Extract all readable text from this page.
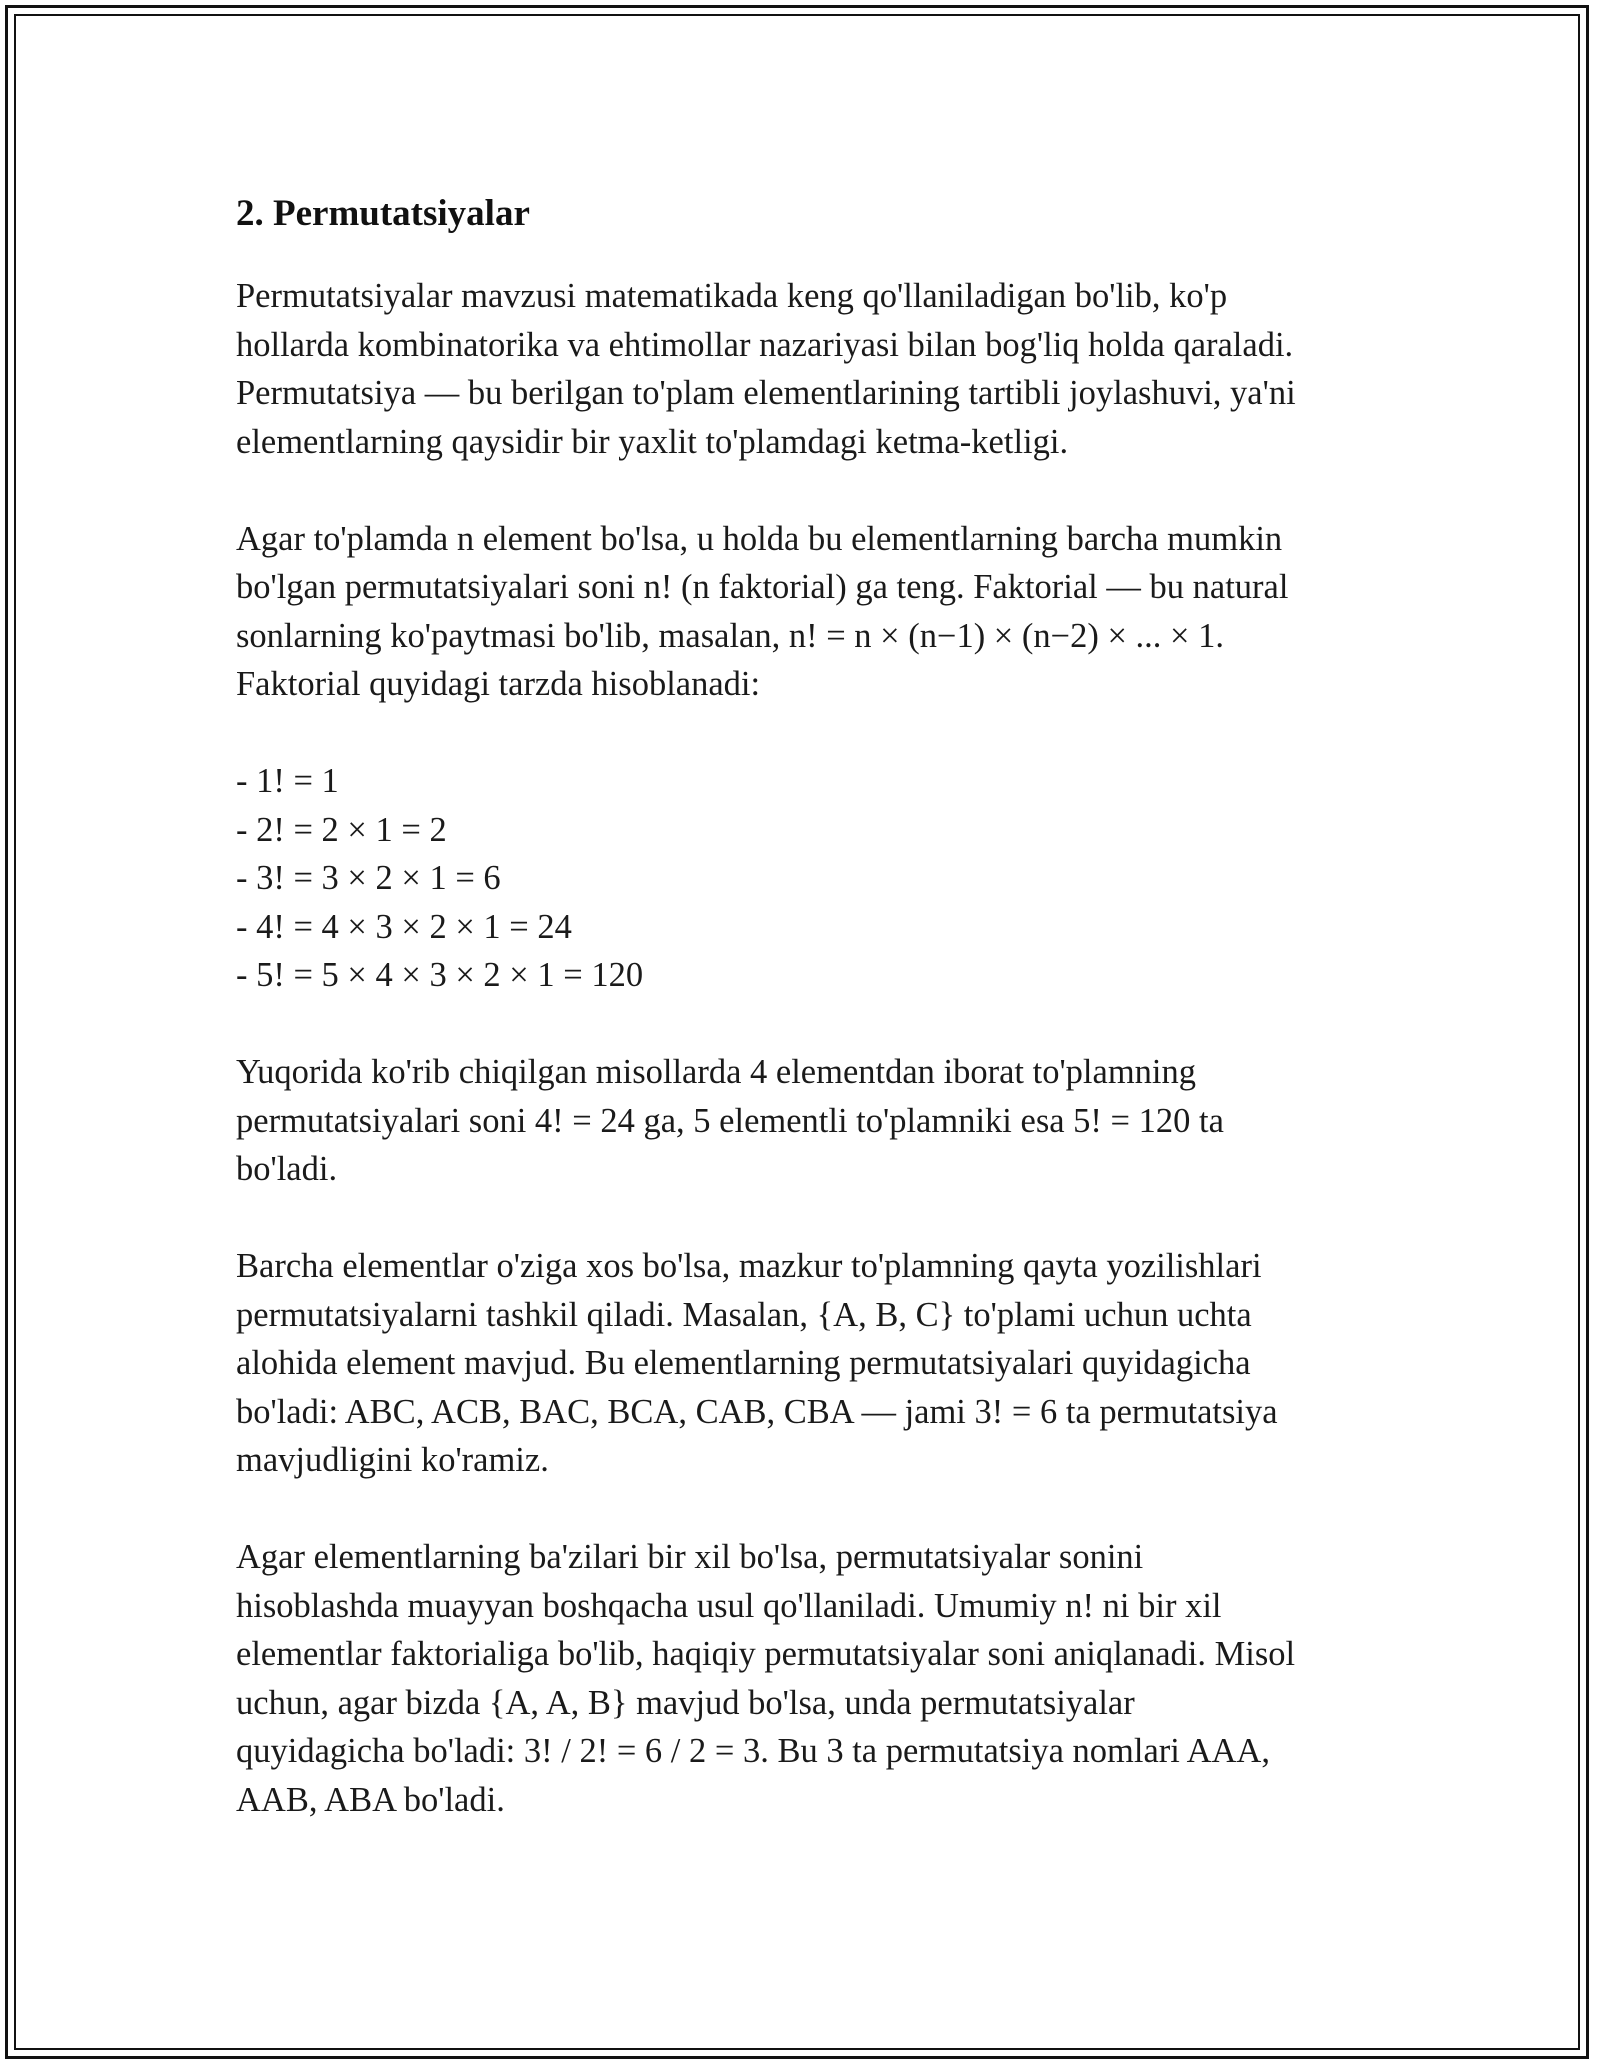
2. Permutatsiyalar

Permutatsiyalar mavzusi matematikada keng qo'llaniladigan bo'lib, ko'p
hollarda kombinatorika va ehtimollar nazariyasi bilan bog'liq holda qaraladi.
Permutatsiya — bu berilgan to'plam elementlarining tartibli joylashuvi, ya'ni
elementlarning qaysidir bir yaxlit to'plamdagi ketma-ketligi.

Agar to'plamda n element bo'lsa, u holda bu elementlarning barcha mumkin
bo'lgan permutatsiyalari soni n! (n faktorial) ga teng. Faktorial — bu natural
sonlarning ko'paytmasi bo'lib, masalan, n! = n × (n−1) × (n−2) × ... × 1.
Faktorial quyidagi tarzda hisoblanadi:

- 1! = 1

- 2! = 2 × 1 = 2

- 3! = 3 × 2 × 1 = 6

- 4! = 4 × 3 × 2 × 1 = 24

- 5! = 5 × 4 × 3 × 2 × 1 = 120

Yuqorida ko'rib chiqilgan misollarda 4 elementdan iborat to'plamning
permutatsiyalari soni 4! = 24 ga, 5 elementli to'plamniki esa 5! = 120 ta
bo'ladi.

Barcha elementlar o'ziga xos bo'lsa, mazkur to'plamning qayta yozilishlari
permutatsiyalarni tashkil qiladi. Masalan, {A, B, C} to'plami uchun uchta
alohida element mavjud. Bu elementlarning permutatsiyalari quyidagicha
bo'ladi: ABC, ACB, BAC, BCA, CAB, CBA — jami 3! = 6 ta permutatsiya
mavjudligini ko'ramiz.

Agar elementlarning ba'zilari bir xil bo'lsa, permutatsiyalar sonini
hisoblashda muayyan boshqacha usul qo'llaniladi. Umumiy n! ni bir xil
elementlar faktorialiga bo'lib, haqiqiy permutatsiyalar soni aniqlanadi. Misol
uchun, agar bizda {A, A, B} mavjud bo'lsa, unda permutatsiyalar
quyidagicha bo'ladi: 3! / 2! = 6 / 2 = 3. Bu 3 ta permutatsiya nomlari AAA,
AAB, ABA bo'ladi.
